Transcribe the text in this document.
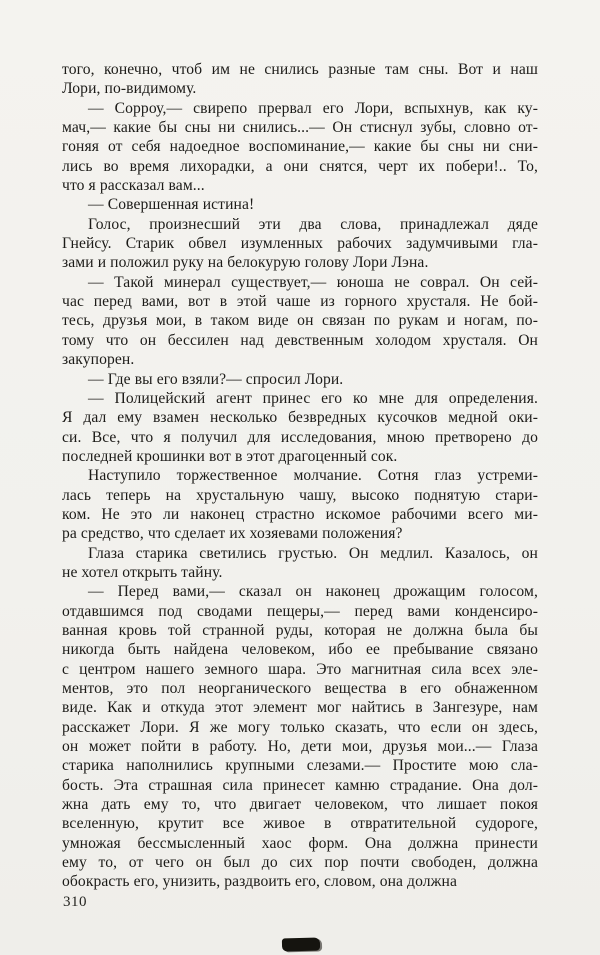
того, конечно, чтоб им не снились разные там сны. Вот и наш
Лори, по-видимому.
— Сорроу,— свирепо прервал его Лори, вспыхнув, как ку-
мач,— какие бы сны ни снились...— Он стиснул зубы, словно от-
гоняя от себя надоедное воспоминание,— какие бы сны ни сни-
лись во время лихорадки, а они снятся, черт их побери!.. То,
что я рассказал вам...
— Совершенная истина!
Голос, произнесший эти два слова, принадлежал дяде
Гнейсу. Старик обвел изумленных рабочих задумчивыми гла-
зами и положил руку на белокурую голову Лори Лэна.
— Такой минерал существует,— юноша не соврал. Он сей-
час перед вами, вот в этой чаше из горного хрусталя. Не бой-
тесь, друзья мои, в таком виде он связан по рукам и ногам, по-
тому что он бессилен над девственным холодом хрусталя. Он
закупорен.
— Где вы его взяли?— спросил Лори.
— Полицейский агент принес его ко мне для определения.
Я дал ему взамен несколько безвредных кусочков медной оки-
си. Все, что я получил для исследования, мною претворено до
последней крошинки вот в этот драгоценный сок.
Наступило торжественное молчание. Сотня глаз устреми-
лась теперь на хрустальную чашу, высоко поднятую стари-
ком. Не это ли наконец страстно искомое рабочими всего ми-
ра средство, что сделает их хозяевами положения?
Глаза старика светились грустью. Он медлил. Казалось, он
не хотел открыть тайну.
— Перед вами,— сказал он наконец дрожащим голосом,
отдавшимся под сводами пещеры,— перед вами конденсиро-
ванная кровь той странной руды, которая не должна была бы
никогда быть найдена человеком, ибо ее пребывание связано
с центром нашего земного шара. Это магнитная сила всех эле-
ментов, это пол неорганического вещества в его обнаженном
виде. Как и откуда этот элемент мог найтись в Зангезуре, нам
расскажет Лори. Я же могу только сказать, что если он здесь,
он может пойти в работу. Но, дети мои, друзья мои...— Глаза
старика наполнились крупными слезами.— Простите мою сла-
бость. Эта страшная сила принесет камню страдание. Она дол-
жна дать ему то, что двигает человеком, что лишает покоя
вселенную, крутит все живое в отвратительной судороге,
умножая бессмысленный хаос форм. Она должна принести
ему то, от чего он был до сих пор почти свободен, должна
обокрасть его, унизить, раздвоить его, словом, она должна
310
